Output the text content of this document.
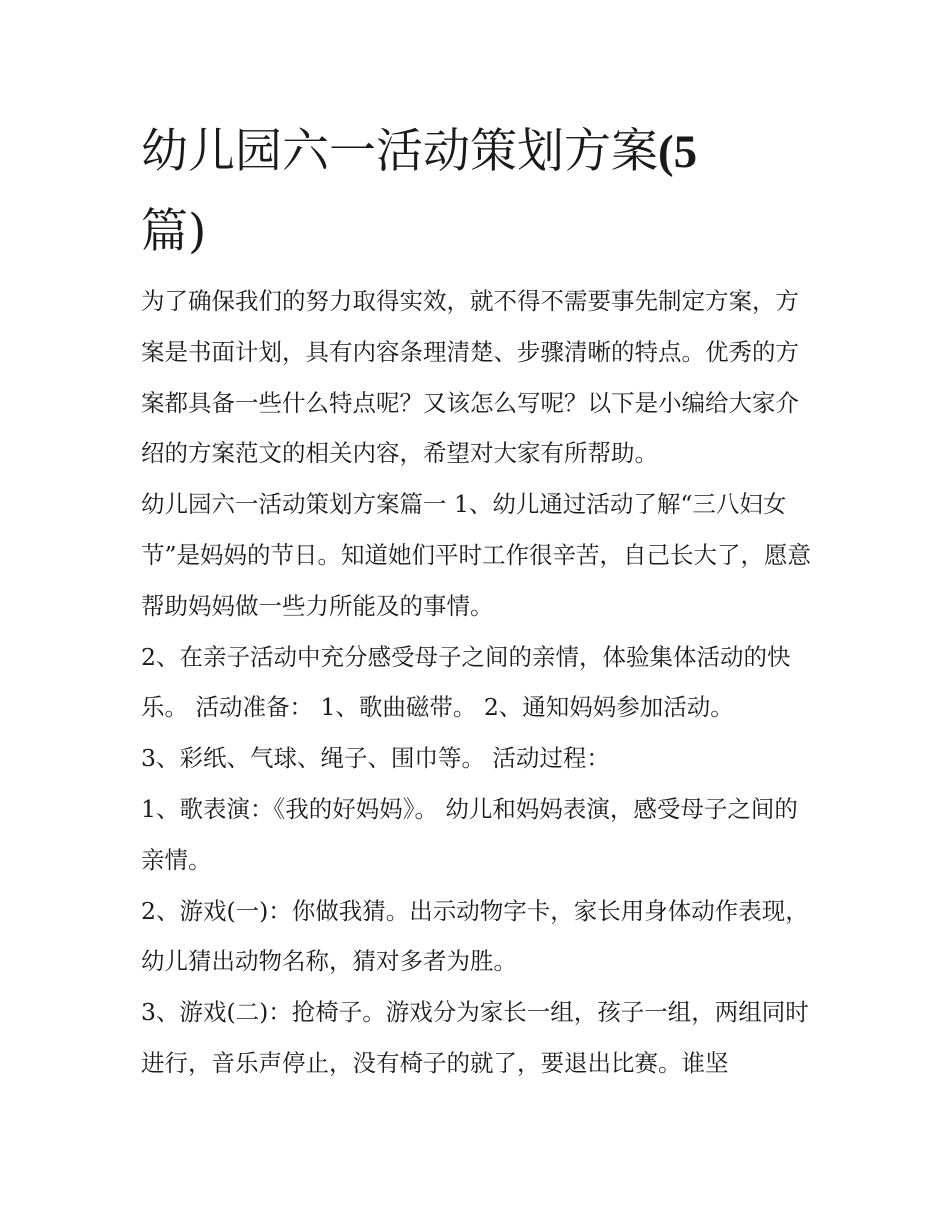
幼儿园六一活动策划方案(5
篇)

为了确保我们的努力取得实效，就不得不需要事先制定方案，方案是书面计划，具有内容条理清楚、步骤清晰的特点。优秀的方案都具备一些什么特点呢？又该怎么写呢？以下是小编给大家介绍的方案范文的相关内容，希望对大家有所帮助。

幼儿园六一活动策划方案篇一 1、幼儿通过活动了解“三八妇女节”是妈妈的节日。知道她们平时工作很辛苦，自己长大了，愿意帮助妈妈做一些力所能及的事情。

2、在亲子活动中充分感受母子之间的亲情，体验集体活动的快乐。 活动准备： 1、歌曲磁带。 2、通知妈妈参加活动。

3、彩纸、气球、绳子、围巾等。 活动过程：

1、歌表演：《我的好妈妈》。 幼儿和妈妈表演，感受母子之间的亲情。

2、游戏(一)：你做我猜。出示动物字卡，家长用身体动作表现，幼儿猜出动物名称，猜对多者为胜。

3、游戏(二)：抢椅子。游戏分为家长一组，孩子一组，两组同时进行，音乐声停止，没有椅子的就了，要退出比赛。谁坚
